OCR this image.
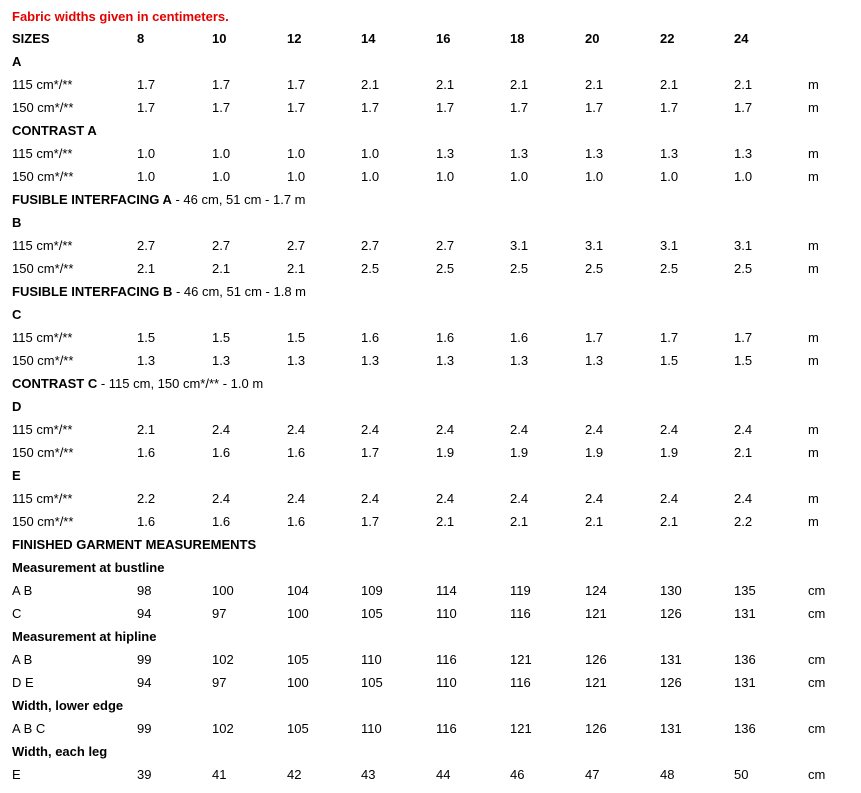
Fabric widths given in centimeters.
SIZES	8	10	12	14	16	18	20	22	24
A
115 cm*/**	1.7	1.7	1.7	2.1	2.1	2.1	2.1	2.1	2.1	m
150 cm*/**	1.7	1.7	1.7	1.7	1.7	1.7	1.7	1.7	1.7	m
CONTRAST A
115 cm*/**	1.0	1.0	1.0	1.0	1.3	1.3	1.3	1.3	1.3	m
150 cm*/**	1.0	1.0	1.0	1.0	1.0	1.0	1.0	1.0	1.0	m
FUSIBLE INTERFACING A - 46 cm, 51 cm - 1.7 m
B
115 cm*/**	2.7	2.7	2.7	2.7	2.7	3.1	3.1	3.1	3.1	m
150 cm*/**	2.1	2.1	2.1	2.5	2.5	2.5	2.5	2.5	2.5	m
FUSIBLE INTERFACING B - 46 cm, 51 cm - 1.8 m
C
115 cm*/**	1.5	1.5	1.5	1.6	1.6	1.6	1.7	1.7	1.7	m
150 cm*/**	1.3	1.3	1.3	1.3	1.3	1.3	1.3	1.5	1.5	m
CONTRAST C - 115 cm, 150 cm*/** - 1.0 m
D
115 cm*/**	2.1	2.4	2.4	2.4	2.4	2.4	2.4	2.4	2.4	m
150 cm*/**	1.6	1.6	1.6	1.7	1.9	1.9	1.9	1.9	2.1	m
E
115 cm*/**	2.2	2.4	2.4	2.4	2.4	2.4	2.4	2.4	2.4	m
150 cm*/**	1.6	1.6	1.6	1.7	2.1	2.1	2.1	2.1	2.2	m
FINISHED GARMENT MEASUREMENTS
Measurement at bustline
A B	98	100	104	109	114	119	124	130	135	cm
C	94	97	100	105	110	116	121	126	131	cm
Measurement at hipline
A B	99	102	105	110	116	121	126	131	136	cm
D E	94	97	100	105	110	116	121	126	131	cm
Width, lower edge
A B C	99	102	105	110	116	121	126	131	136	cm
Width, each leg
E	39	41	42	43	44	46	47	48	50	cm
